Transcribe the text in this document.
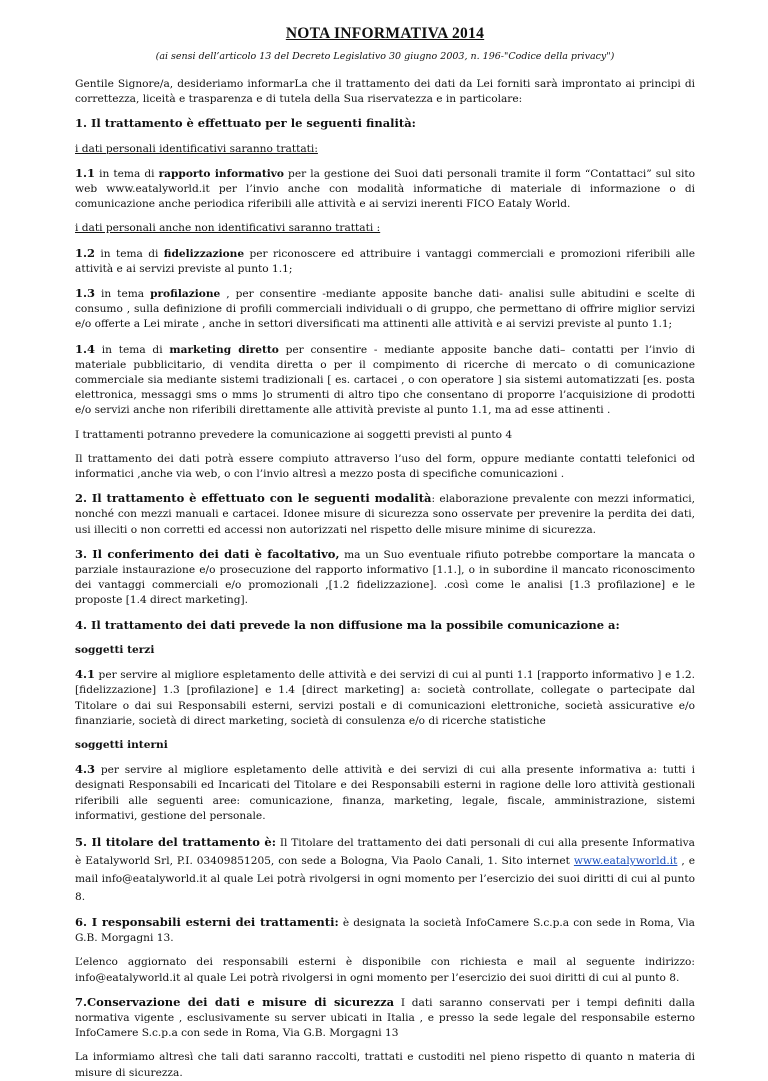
NOTA INFORMATIVA 2014
(ai sensi dell’articolo 13 del Decreto Legislativo 30 giugno 2003, n. 196-"Codice della privacy")

Gentile Signore/a, desideriamo informarLa che il trattamento dei dati da Lei forniti sarà improntato ai principi di correttezza, liceità e trasparenza e di tutela della Sua riservatezza e in particolare:

1. Il trattamento è effettuato per le seguenti finalità:

i dati personali identificativi saranno trattati:

1.1 in tema di rapporto informativo per la gestione dei Suoi dati personali tramite il form “Contattaci” sul sito web www.eatalyworld.it per l’invio anche con modalità informatiche di materiale di informazione o di comunicazione anche periodica riferibili alle attività e ai servizi inerenti FICO Eataly World.

i dati personali anche non identificativi saranno trattati :

1.2 in tema di fidelizzazione per riconoscere ed attribuire i vantaggi commerciali e promozioni riferibili alle attività e ai servizi previste al punto 1.1;

1.3 in tema profilazione , per consentire -mediante apposite banche dati- analisi sulle abitudini e scelte di consumo , sulla definizione di profili commerciali individuali o di gruppo, che permettano di offrire miglior servizi e/o offerte a Lei mirate , anche in settori diversificati ma attinenti alle attività e ai servizi previste al punto 1.1;

1.4 in tema di marketing diretto per consentire - mediante apposite banche dati– contatti per l’invio di materiale pubblicitario, di vendita diretta o per il compimento di ricerche di mercato o di comunicazione commerciale sia mediante sistemi tradizionali [ es. cartacei , o con operatore ] sia sistemi automatizzati [es. posta elettronica, messaggi sms o mms ]o strumenti di altro tipo che consentano di proporre l’acquisizione di prodotti e/o servizi anche non riferibili direttamente alle attività previste al punto 1.1, ma ad esse attinenti .

I trattamenti potranno prevedere la comunicazione ai soggetti previsti al punto 4

Il trattamento dei dati potrà essere compiuto attraverso l’uso del form, oppure mediante contatti telefonici od informatici ,anche via web, o con l’invio altresì a mezzo posta di specifiche comunicazioni .

2. Il trattamento è effettuato con le seguenti modalità: elaborazione prevalente con mezzi informatici, nonché con mezzi manuali e cartacei. Idonee misure di sicurezza sono osservate per prevenire la perdita dei dati, usi illeciti o non corretti ed accessi non autorizzati nel rispetto delle misure minime di sicurezza.

3. Il conferimento dei dati è facoltativo, ma un Suo eventuale rifiuto potrebbe comportare la mancata o parziale instaurazione e/o prosecuzione del rapporto informativo [1.1.], o in subordine il mancato riconoscimento dei vantaggi commerciali e/o promozionali ,[1.2 fidelizzazione]. .così come le analisi [1.3 profilazione] e le proposte [1.4 direct marketing].

4. Il trattamento dei dati prevede la non diffusione ma la possibile comunicazione a:

soggetti terzi

4.1 per servire al migliore espletamento delle attività e dei servizi di cui al punti 1.1 [rapporto informativo ] e 1.2. [fidelizzazione] 1.3 [profilazione] e 1.4 [direct marketing] a: società controllate, collegate o partecipate dal Titolare o dai sui Responsabili esterni, servizi postali e di comunicazioni elettroniche, società assicurative e/o finanziarie, società di direct marketing, società di consulenza e/o di ricerche statistiche

soggetti interni

4.3 per servire al migliore espletamento delle attività e dei servizi di cui alla presente informativa a: tutti i designati Responsabili ed Incaricati del Titolare e dei Responsabili esterni in ragione delle loro attività gestionali riferibili alle seguenti aree: comunicazione, finanza, marketing, legale, fiscale, amministrazione, sistemi informativi, gestione del personale.

5. Il titolare del trattamento è: Il Titolare del trattamento dei dati personali di cui alla presente Informativa è Eatalyworld Srl, P.I. 03409851205, con sede a Bologna, Via Paolo Canali, 1. Sito internet www.eatalyworld.it , e mail info@eatalyworld.it al quale Lei potrà rivolgersi in ogni momento per l’esercizio dei suoi diritti di cui al punto 8.

6. I responsabili esterni dei trattamenti: è designata la società InfoCamere S.c.p.a con sede in Roma, Via G.B. Morgagni 13.

L’elenco aggiornato dei responsabili esterni è disponibile con richiesta e mail al seguente indirizzo: info@eatalyworld.it al quale Lei potrà rivolgersi in ogni momento per l’esercizio dei suoi diritti di cui al punto 8.

7.Conservazione dei dati e misure di sicurezza I dati saranno conservati per i tempi definiti dalla normativa vigente , esclusivamente su server ubicati in Italia , e presso la sede legale del responsabile esterno InfoCamere S.c.p.a con sede in Roma, Via G.B. Morgagni 13

La informiamo altresì che tali dati saranno raccolti, trattati e custoditi nel pieno rispetto di quanto n materia di misure di sicurezza.
